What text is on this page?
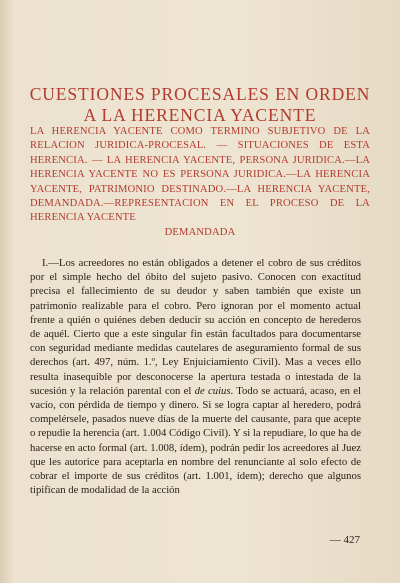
CUESTIONES PROCESALES EN ORDEN
A LA HERENCIA YACENTE
LA HERENCIA YACENTE COMO TERMINO SUBJETIVO DE LA RELACION JURIDICA-PROCESAL. — SITUACIONES DE ESTA HERENCIA. — LA HERENCIA YACENTE, PERSONA JURIDICA.—LA HERENCIA YACENTE NO ES PERSONA JURIDICA.—LA HERENCIA YACENTE, PATRIMONIO DESTINADO.—LA HERENCIA YACENTE, DEMANDADA.—REPRESENTACION EN EL PROCESO DE LA HERENCIA YACENTE
DEMANDADA

I.—Los acreedores no están obligados a detener el cobro de sus créditos por el simple hecho del óbito del sujeto pasivo. Conocen con exactitud precisa el fallecimiento de su deudor y saben también que existe un patrimonio realizable para el cobro. Pero ignoran por el momento actual frente a quién o quiénes deben deducir su acción en concepto de herederos de aquél. Cierto que a este singular fin están facultados para documentarse con seguridad mediante medidas cautelares de aseguramiento formal de sus derechos (art. 497, núm. 1.º, Ley Enjuiciamiento Civil). Mas a veces ello resulta inasequible por desconocerse la apertura testada o intestada de la sucesión y la relación parental con el de cuius. Todo se actuará, acaso, en el vacío, con pérdida de tiempo y dinero. Si se logra captar al heredero, podrá compelérsele, pasados nueve días de la muerte del causante, para que acepte o repudie la herencia (art. 1.004 Código Civil). Y si la repudiare, lo que ha de hacerse en acto formal (art. 1.008, ídem), podrán pedir los acreedores al Juez que les autorice para aceptarla en nombre del renunciante al solo efecto de cobrar el importe de sus créditos (art. 1.001, ídem); derecho que algunos tipifican de modalidad de la acción

— 427
